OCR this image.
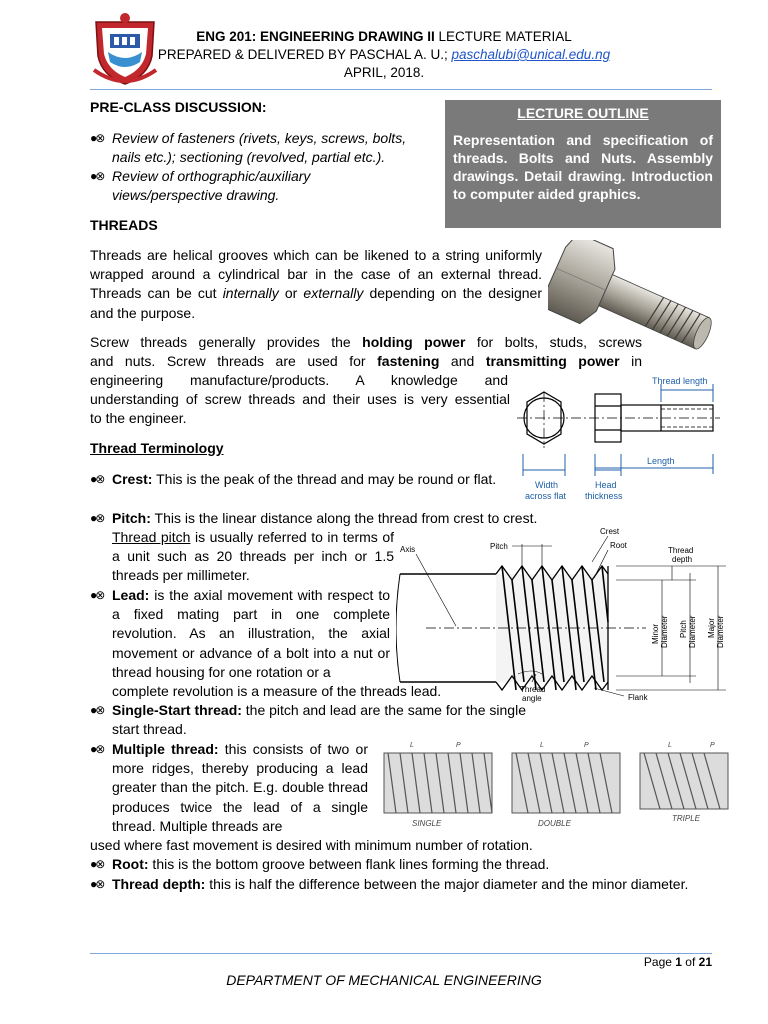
ENG 201: ENGINEERING DRAWING II LECTURE MATERIAL
PREPARED & DELIVERED BY PASCHAL A. U.; paschalubi@unical.edu.ng
APRIL, 2018.
PRE-CLASS DISCUSSION:
●⊗ Review of fasteners (rivets, keys, screws, bolts, nails etc.); sectioning (revolved, partial etc.).
●⊗ Review of orthographic/auxiliary views/perspective drawing.
LECTURE OUTLINE
Representation and specification of threads. Bolts and Nuts. Assembly drawings. Detail drawing. Introduction to computer aided graphics.
THREADS
Threads are helical grooves which can be likened to a string uniformly wrapped around a cylindrical bar in the case of an external thread. Threads can be cut internally or externally depending on the designer and the purpose.
Screw threads generally provides the holding power for bolts, studs, screws
and nuts. Screw threads are used for fastening and transmitting power in
engineering manufacture/products. A knowledge and
understanding of screw threads and their uses is very essential
to the engineer.
Thread length
Length
Width
across flat
Head
thickness
Thread Terminology
●⊗ Crest: This is the peak of the thread and may be round or flat.
●⊗ Pitch: This is the linear distance along the thread from crest to crest.
Thread pitch is usually referred to in terms of a unit such as 20 threads per inch or 1.5 threads per millimeter.
●⊗ Lead: is the axial movement with respect to a fixed mating part in one complete revolution. As an illustration, the axial movement or advance of a bolt into a nut or thread housing for one rotation or a
complete revolution is a measure of the threads lead.
●⊗ Single-Start thread: the pitch and lead are the same for the single start thread.
●⊗ Multiple thread: this consists of two or more ridges, thereby producing a lead greater than the pitch. E.g. double thread produces twice the lead of a single thread. Multiple threads are
used where fast movement is desired with minimum number of rotation.
●⊗ Root: this is the bottom groove between flank lines forming the thread.
●⊗ Thread depth: this is half the difference between the major diameter and the minor diameter.
Axis	Pitch
Crest
Root
Thread
depth
Thread
angle	Flank
Minor Diameter Pitch Diameter Major Diameter
SINGLE
L	P
DOUBLE
L	P
TRIPLE
L	P
Page 1 of 21
DEPARTMENT OF MECHANICAL ENGINEERING
